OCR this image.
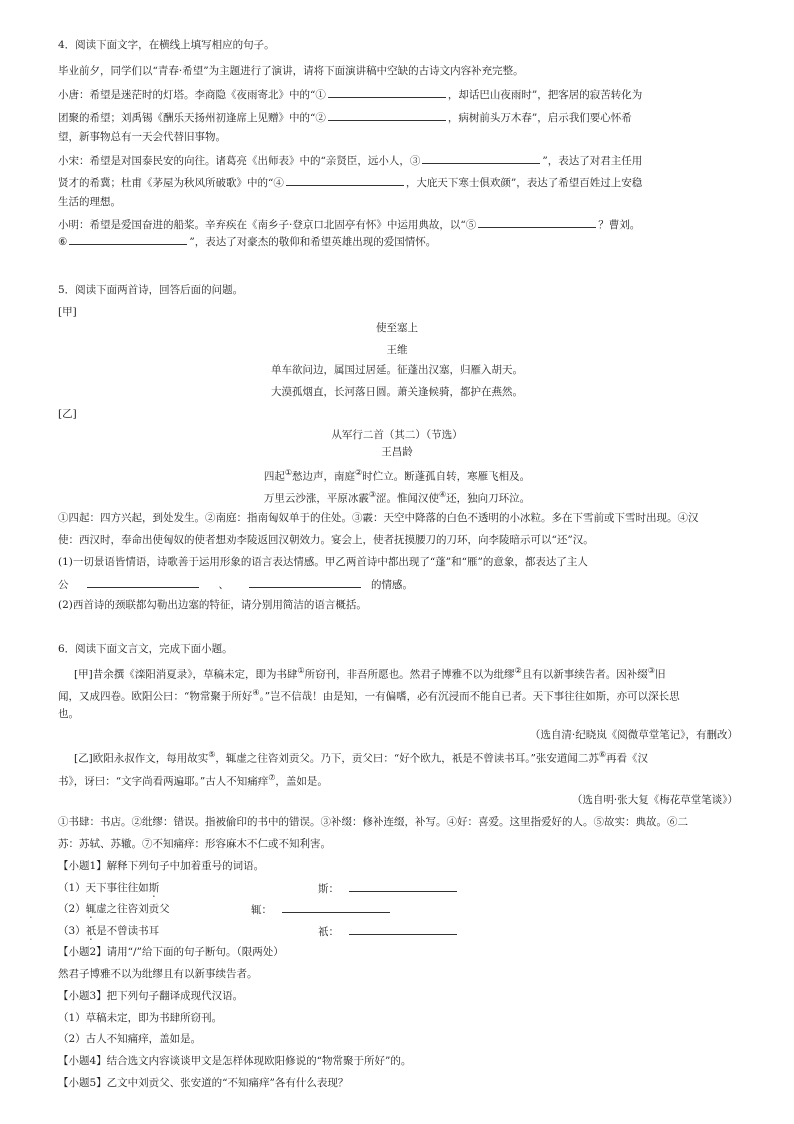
4．阅读下面文字，在横线上填写相应的句子。
毕业前夕，同学们以“青春·希望”为主题进行了演讲，请将下面演讲稿中空缺的古诗文内容补充完整。
小唐：希望是迷茫时的灯塔。李商隐《夜雨寄北》中的“①	，却话巴山夜雨时”，把客居的寂苦转化为
团聚的希望；刘禹锡《酬乐天扬州初逢席上见赠》中的“②	，病树前头万木春”，启示我们要心怀希
望，新事物总有一天会代替旧事物。
小宋：希望是对国泰民安的向往。诸葛亮《出师表》中的“亲贤臣，远小人，③	”，表达了对君主任用
贤才的希冀；杜甫《茅屋为秋风所破歌》中的“④	，大庇天下寒士俱欢颜”，表达了希望百姓过上安稳
生活的理想。
小明：希望是爱国奋进的船桨。辛弃疾在《南乡子·登京口北固亭有怀》中运用典故，以“⑤	？曹刘。
⑥	”，表达了对豪杰的敬仰和希望英雄出现的爱国情怀。
5．阅读下面两首诗，回答后面的问题。
[甲]
使至塞上
王维
单车欲问边，属国过居延。征蓬出汉塞，归雁入胡天。
大漠孤烟直，长河落日圆。萧关逢候骑，都护在燕然。
[乙]
从军行二首（其二）（节选）
王昌龄
四起①愁边声，南庭②时伫立。断蓬孤自转，寒雁飞相及。
万里云沙涨，平原冰霰③涩。惟闻汉使④还，独向刀环泣。
①四起：四方兴起，到处发生。②南庭：指南匈奴单于的住处。③霰：天空中降落的白色不透明的小冰粒。多在下雪前或下雪时出现。④汉
使：西汉时，奉命出使匈奴的使者想劝李陵返回汉朝效力。宴会上，使者抚摸腰刀的刀环，向李陵暗示可以“还”汉。
(1)一切景语皆情语，诗歌善于运用形象的语言表达情感。甲乙两首诗中都出现了“蓬”和“雁”的意象，都表达了主人
公	、	的情感。
(2)西首诗的颈联都勾勒出边塞的特征，请分别用简洁的语言概括。
6．阅读下面文言文，完成下面小题。
[甲]昔余撰《滦阳消夏录》，草稿未定，即为书肆①所窃刊，非吾所愿也。然君子博雅不以为纰缪②且有以新事续告者。因补缀③旧
闻，又成四卷。欧阳公曰：“物常聚于所好④。”岂不信哉！由是知，一有偏嗜，必有沉浸而不能自已者。天下事往往如斯，亦可以深长思
也。
（选自清·纪晓岚《阅微草堂笔记》，有删改）
[乙]欧阳永叔作文，每用故实⑤，辄虚之往咨刘贡父。乃下，贡父曰：“好个欧九，祇是不曾读书耳。”张安道闻二苏⑥再看《汉
书》，讶曰：“文字尚看两遍耶。”古人不知痛痒⑦，盖如是。
（选自明·张大复《梅花草堂笔谈》）
①书肆：书店。②纰缪：错误。指被偷印的书中的错误。③补缀：修补连缀，补写。④好：喜爱。这里指爱好的人。⑤故实：典故。⑥二
苏：苏轼、苏辙。⑦不知痛痒：形容麻木不仁或不知利害。
【小题1】解释下列句子中加着重号的词语。
（1）天下事往往如斯	斯：
（2）辄虚之往咨刘贡父	辄：
（3）祇是不曾读书耳	祇：
【小题2】请用“/”给下面的句子断句。（限两处）
然君子博雅不以为纰缪且有以新事续告者。
【小题3】把下列句子翻译成现代汉语。
（1）草稿未定，即为书肆所窃刊。
（2）古人不知痛痒，盖如是。
【小题4】结合选文内容谈谈甲文是怎样体现欧阳修说的“物常聚于所好”的。
【小题5】乙文中刘贡父、张安道的“不知痛痒”各有什么表现？
